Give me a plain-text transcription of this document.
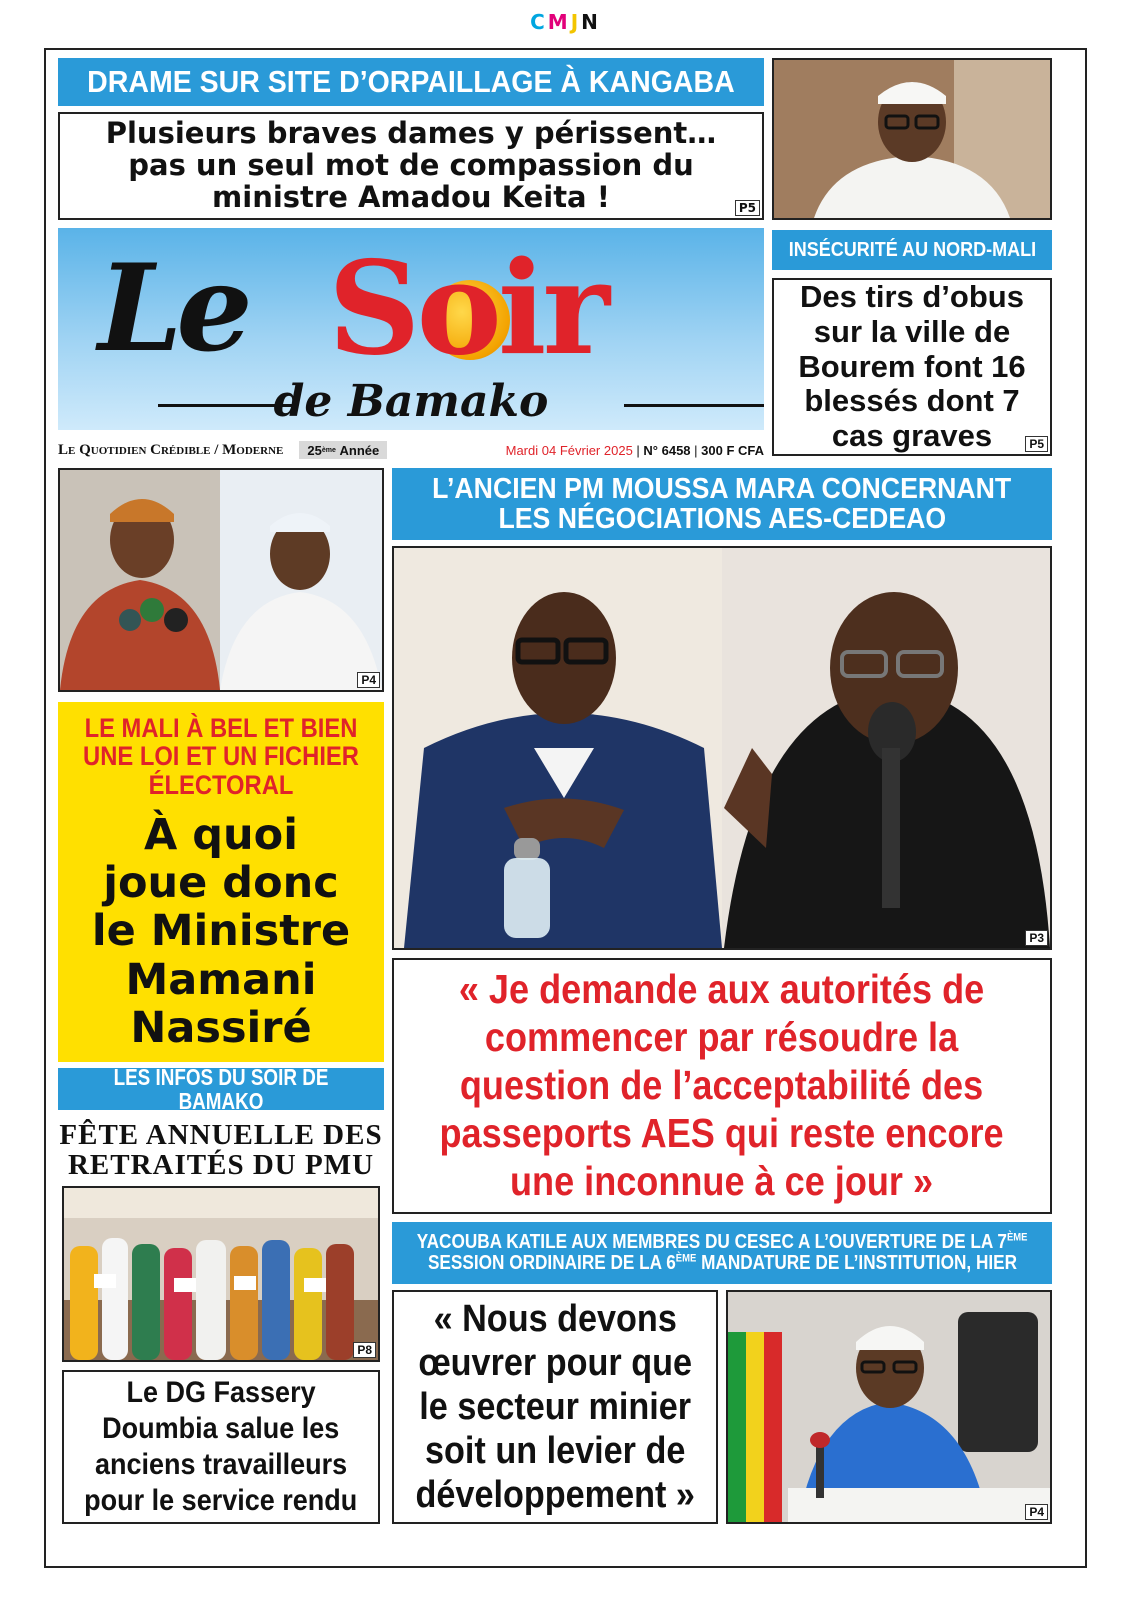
CMJN
DRAME SUR SITE D’ORPAILLAGE À KANGABA
Plusieurs braves dames y périssent…
pas un seul mot de compassion du
ministre Amadou Keita !	P5
Le Soir
de Bamako
Le Quotidien Crédible / Moderne 25 ème
Année	Mardi 04 Février 2025 | N° 6458 | 300 F CFA
INSÉCURITÉ AU NORD-MALI
Des tirs d’obus
sur la ville de
Bourem font 16
blessés dont 7
cas graves	P5
P4
LE MALI À BEL ET BIEN
UNE LOI ET UN FICHIER
ÉLECTORAL
À quoi
joue donc
le Ministre
Mamani
Nassiré
LES INFOS DU SOIR DE BAMAKO
FÊTE ANNUELLE DES
RETRAITÉS DU PMU
P8
Le DG Fassery
Doumbia salue les
anciens travailleurs
pour le service rendu
L’ANCIEN PM MOUSSA MARA CONCERNANT
LES NÉGOCIATIONS AES-CEDEAO
P3
« Je demande aux autorités de
commencer par résoudre la
question de l’acceptabilité des
passeports AES qui reste encore
une inconnue à ce jour »
YACOUBA KATILE AUX MEMBRES DU CESEC A L’OUVERTURE DE LA 7ÈME
SESSION ORDINAIRE DE LA 6ÈME MANDATURE DE L’INSTITUTION, HIER
« Nous devons
œuvrer pour que
le secteur minier
soit un levier de
développement »	P4
